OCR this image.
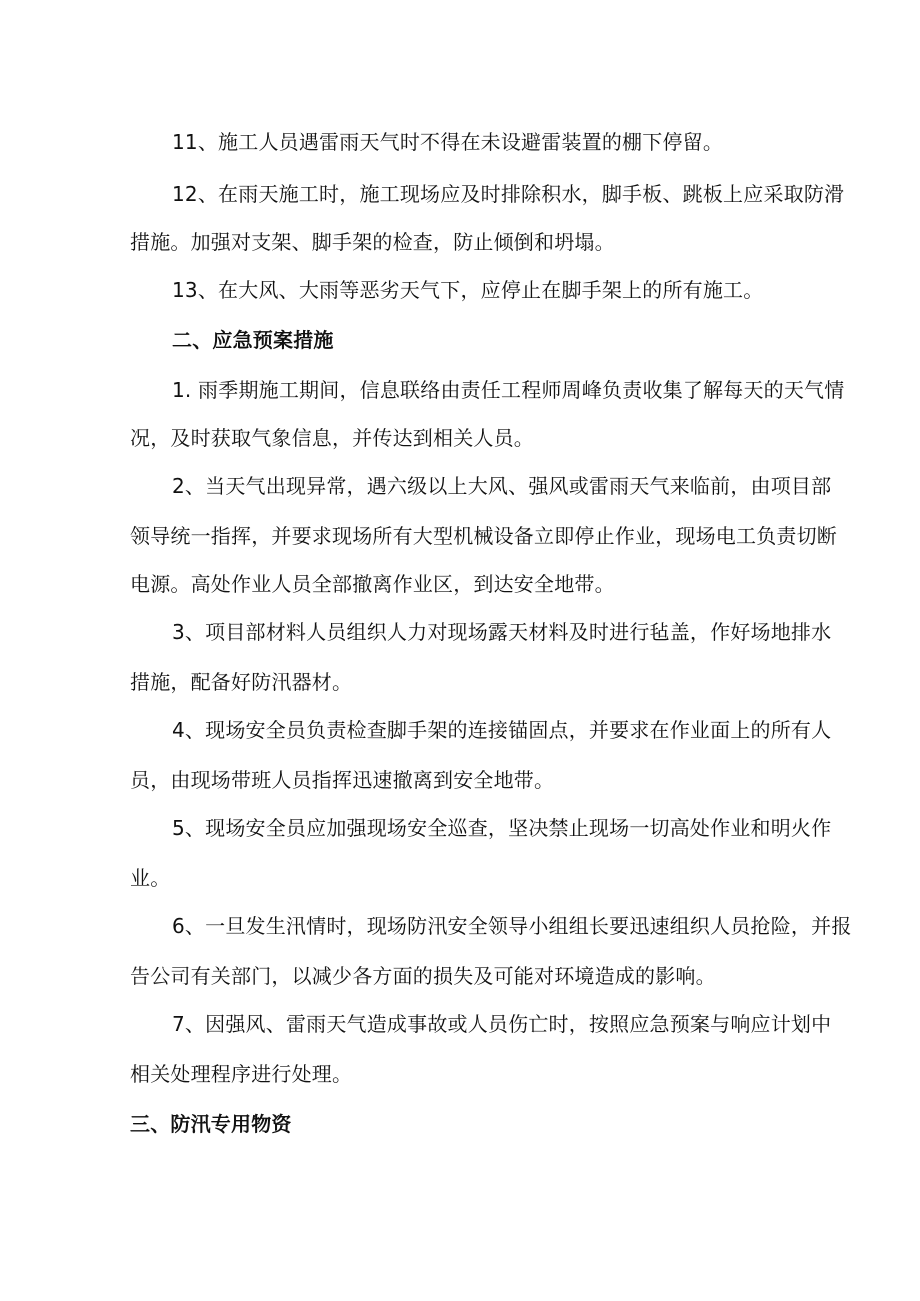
11、施工人员遇雷雨天气时不得在未设避雷装置的棚下停留。
12、在雨天施工时，施工现场应及时排除积水，脚手板、跳板上应采取防滑
措施。加强对支架、脚手架的检查，防止倾倒和坍塌。
13、在大风、大雨等恶劣天气下，应停止在脚手架上的所有施工。
二、应急预案措施
1. 雨季期施工期间，信息联络由责任工程师周峰负责收集了解每天的天气情
况，及时获取气象信息，并传达到相关人员。
2、当天气出现异常，遇六级以上大风、强风或雷雨天气来临前，由项目部
领导统一指挥，并要求现场所有大型机械设备立即停止作业，现场电工负责切断
电源。高处作业人员全部撤离作业区，到达安全地带。
3、项目部材料人员组织人力对现场露天材料及时进行毡盖，作好场地排水
措施，配备好防汛器材。
4、现场安全员负责检查脚手架的连接锚固点，并要求在作业面上的所有人
员，由现场带班人员指挥迅速撤离到安全地带。
5、现场安全员应加强现场安全巡查，坚决禁止现场一切高处作业和明火作
业。
6、一旦发生汛情时，现场防汛安全领导小组组长要迅速组织人员抢险，并报
告公司有关部门，以减少各方面的损失及可能对环境造成的影响。
7、因强风、雷雨天气造成事故或人员伤亡时，按照应急预案与响应计划中
相关处理程序进行处理。
三、防汛专用物资
